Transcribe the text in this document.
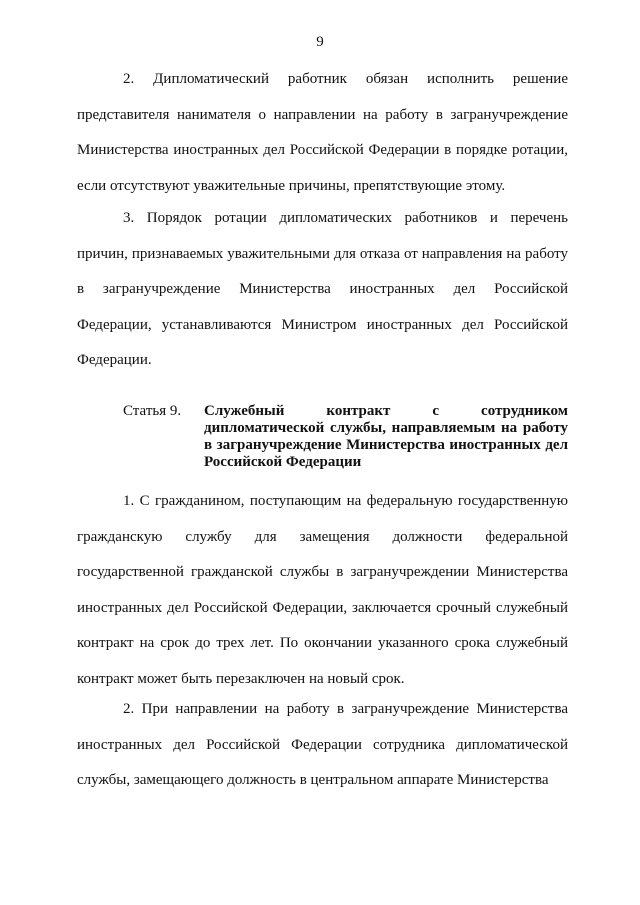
9

2. Дипломатический работник обязан исполнить решение представителя нанимателя о направлении на работу в загранучреждение Министерства иностранных дел Российской Федерации в порядке ротации, если отсутствуют уважительные причины, препятствующие этому.

3. Порядок ротации дипломатических работников и перечень причин, признаваемых уважительными для отказа от направления на работу в загранучреждение Министерства иностранных дел Российской Федерации, устанавливаются Министром иностранных дел Российской Федерации.

Статья 9.	Служебный контракт с сотрудником дипломатической службы, направляемым на работу в загранучреждение Министерства иностранных дел Российской Федерации

1. С гражданином, поступающим на федеральную государственную гражданскую службу для замещения должности федеральной государственной гражданской службы в загранучреждении Министерства иностранных дел Российской Федерации, заключается срочный служебный контракт на срок до трех лет. По окончании указанного срока служебный контракт может быть перезаключен на новый срок.

2. При направлении на работу в загранучреждение Министерства иностранных дел Российской Федерации сотрудника дипломатической службы, замещающего должность в центральном аппарате Министерства
